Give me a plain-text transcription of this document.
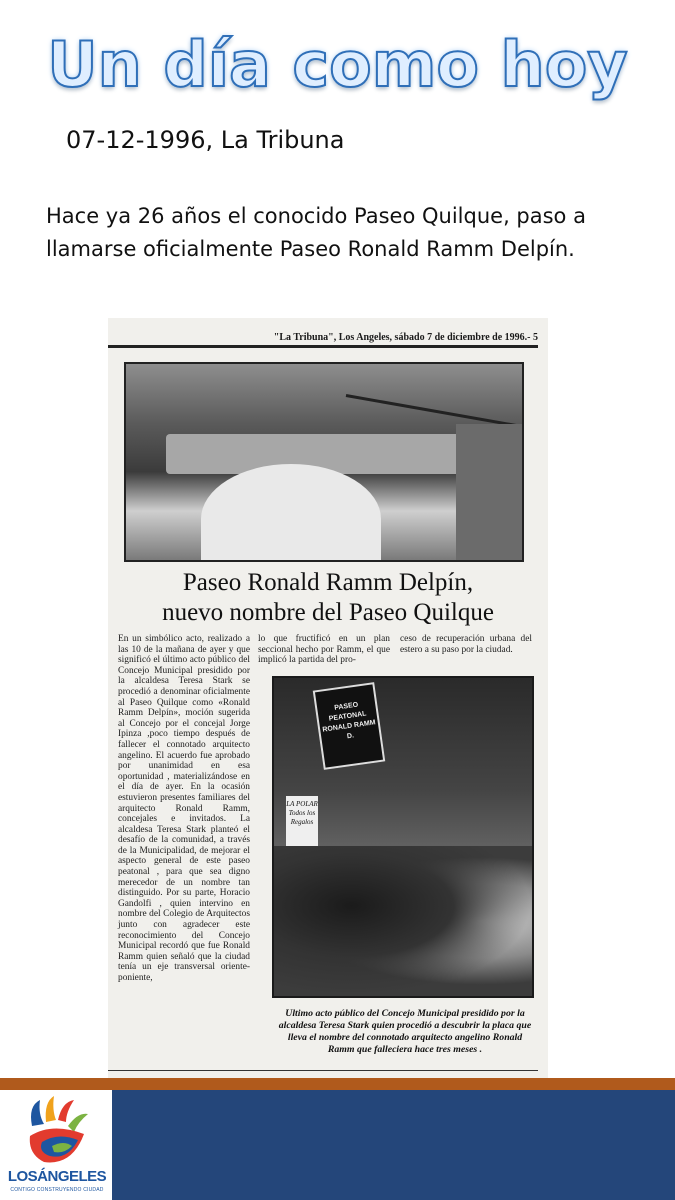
Un día como hoy
07-12-1996, La Tribuna
Hace ya 26 años el conocido Paseo Quilque, paso a
llamarse oficialmente Paseo Ronald Ramm Delpín.
"La Tribuna", Los Angeles, sábado 7 de diciembre de 1996.- 5
Paseo Ronald Ramm Delpín,
nuevo nombre del Paseo Quilque
En un simbólico acto, realizado a las 10 de la mañana de ayer y que significó el último acto público del Concejo Municipal presidido por la alcaldesa Teresa Stark se procedió a denominar oficialmente al Paseo Quilque como «Ronald Ramm Delpín», moción sugerida al Concejo por el concejal Jorge Ipinza ,poco tiempo después de fallecer el connotado arquitecto angelino. El acuerdo fue aprobado por unanimidad en esa oportunidad , materializándose en el día de ayer. En la ocasión estuvieron presentes familiares del arquitecto Ronald Ramm, concejales e invitados. La alcaldesa Teresa Stark planteó el desafío de la comunidad, a través de la Municipalidad, de mejorar el aspecto general de este paseo peatonal , para que sea digno merecedor de un nombre tan distinguido. Por su parte, Horacio Gandolfi , quien intervino en nombre del Colegio de Arquitectos junto con agradecer este reconocimiento del Concejo Municipal recordó que fue Ronald Ramm quien señaló que la ciudad tenía un eje transversal oriente-poniente,
lo que fructificó en un plan seccional hecho por Ramm, el que implicó la partida del pro-
ceso de recuperación urbana del estero a su paso por la ciudad.
PASEO PEATONAL RONALD RAMM D.
LA POLAR Todos los Regalos
Ultimo acto público del Concejo Municipal presidido por la alcaldesa Teresa Stark quien procedió a descubrir la placa que lleva el nombre del connotado arquitecto angelino Ronald Ramm que falleciera hace tres meses .
LOSÁNGELES
CONTIGO CONSTRUYENDO CIUDAD
